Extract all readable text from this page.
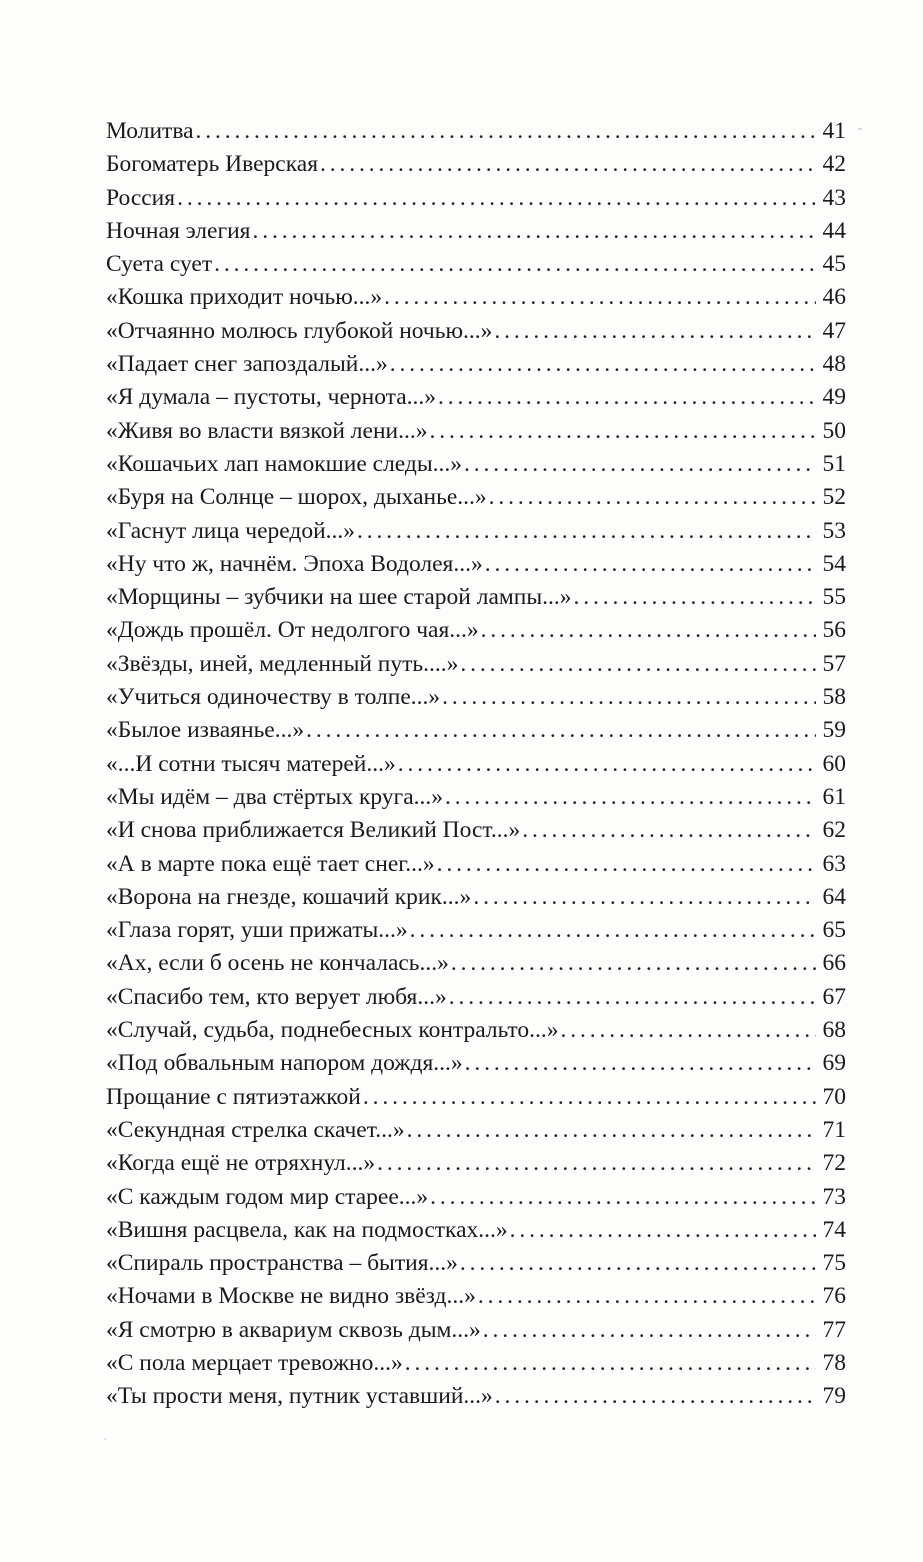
Молитва . . .	41
Богоматерь Иверская . . .	42
Россия . . .	43
Ночная элегия . . .	44
Суета сует . . .	45
«Кошка приходит ночью...» . . .	46
«Отчаянно молюсь глубокой ночью...» . . .	47
«Падает снег запоздалый...» . . .	48
«Я думала – пустоты, чернота...» . . .	49
«Живя во власти вязкой лени...» . . .	50
«Кошачьих лап намокшие следы...» . . .	51
«Буря на Солнце – шорох, дыханье...» . . .	52
«Гаснут лица чередой...» . . .	53
«Ну что ж, начнём. Эпоха Водолея...» . . .	54
«Морщины – зубчики на шее старой лампы...» . . .	55
«Дождь прошёл. От недолгого чая...» . . .	56
«Звёзды, иней, медленный путь....» . . .	57
«Учиться одиночеству в толпе...» . . .	58
«Былое изваянье...» . . .	59
«...И сотни тысяч матерей...» . . .	60
«Мы идём – два стёртых круга...» . . .	61
«И снова приближается Великий Пост...» . . .	62
«А в марте пока ещё тает снег...» . . .	63
«Ворона на гнезде, кошачий крик...» . . .	64
«Глаза горят, уши прижаты...» . . .	65
«Ах, если б осень не кончалась...» . . .	66
«Спасибо тем, кто верует любя...» . . .	67
«Случай, судьба, поднебесных контральто...» . . .	68
«Под обвальным напором дождя...» . . .	69
Прощание с пятиэтажкой . . .	70
«Секундная стрелка скачет...» . . .	71
«Когда ещё не отряхнул...» . . .	72
«С каждым годом мир старее...» . . .	73
«Вишня расцвела, как на подмостках...» . . .	74
«Спираль пространства – бытия...» . . .	75
«Ночами в Москве не видно звёзд...» . . .	76
«Я смотрю в аквариум сквозь дым...» . . .	77
«С пола мерцает тревожно...» . . .	78
«Ты прости меня, путник уставший...» . . .	79
